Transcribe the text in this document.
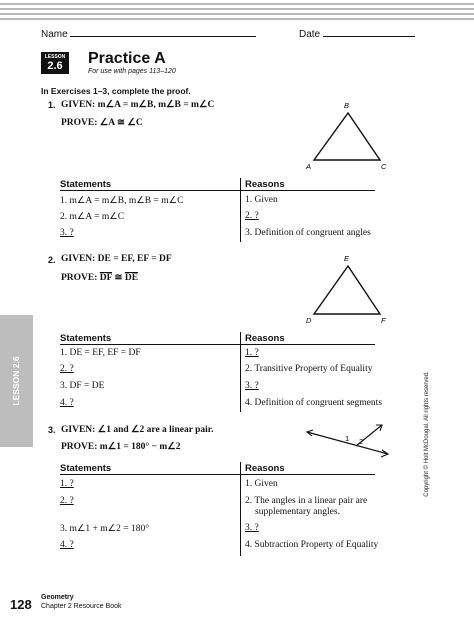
Name	Date
LESSON
2.6	Practice A
For use with pages 113–120
In Exercises 1–3, complete the proof.
1. GIVEN: m∠A = m∠B, m∠B = m∠C
PROVE: ∠A ≅ ∠C
B
A	C
Statements	Reasons
1. m∠A = m∠B, m∠B = m∠C	1. Given
2. m∠A = m∠C	2. ?
3. ?	3. Definition of congruent angles
2. GIVEN: DE = EF, EF = DF
PROVE: $\overline{DF}$ ≅ $\overline{DE}$
E
D	F
Statements	Reasons
1. DE = EF, EF = DF	1. ?
2. ?	2. Transitive Property of Equality
3. DF = DE	3. ?
4. ?	4. Definition of congruent segments
3. GIVEN: ∠1 and ∠2 are a linear pair.
PROVE: m∠1 = 180° − m∠2
1 2
Statements	Reasons
1. ?	1. Given
2. ?	2. The angles in a linear pair are
supplementary angles.
3. m∠1 + m∠2 = 180°	3. ?
4. ?	4. Subtraction Property of Equality
LESSON 2.6	Copyright © Holt McDougal. All rights reserved.
128 Geometry
Chapter 2 Resource Book
